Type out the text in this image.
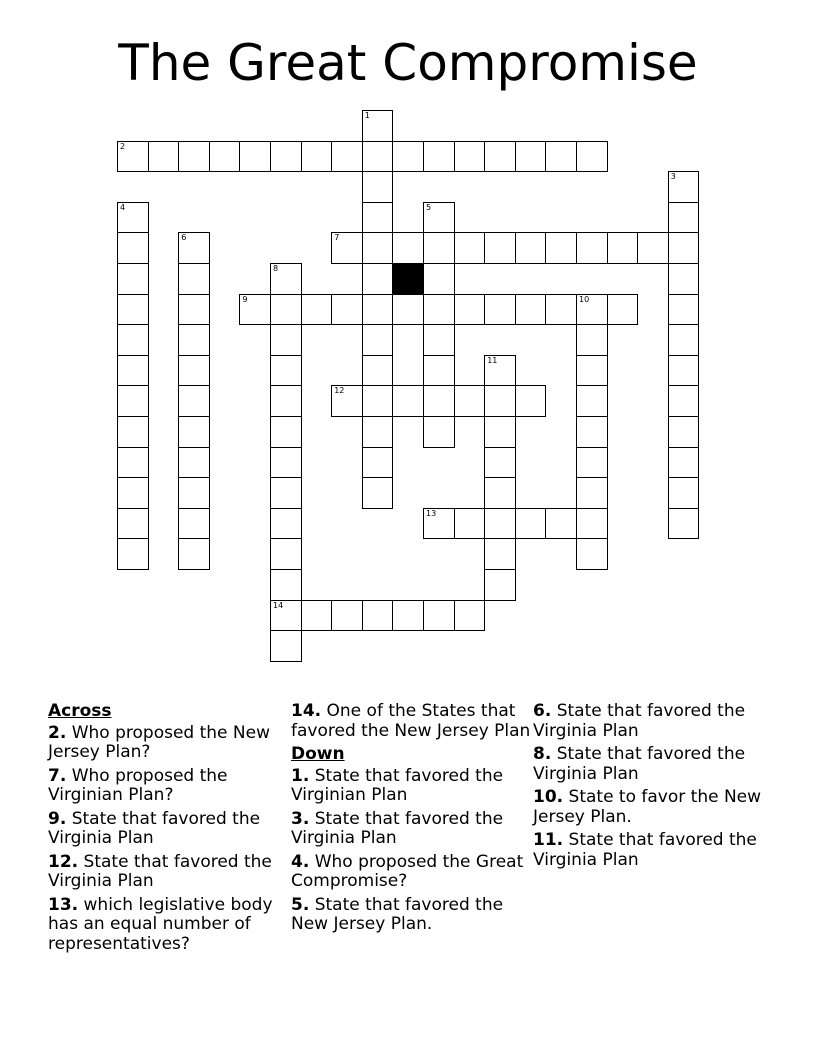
The Great Compromise
1
2
3
4	5
6	7
8
14
9	10
11
12
13
Across
2. Who proposed the New Jersey Plan?
7. Who proposed the Virginian Plan?
9. State that favored the Virginia Plan
12. State that favored the Virginia Plan
13. which legislative body has an equal number of representatives?
14. One of the States that favored the New Jersey Plan
Down
1. State that favored the Virginian Plan
3. State that favored the Virginia Plan
4. Who proposed the Great Compromise?
5. State that favored the New Jersey Plan.
6. State that favored the Virginia Plan
8. State that favored the Virginia Plan
10. State to favor the New Jersey Plan.
11. State that favored the Virginia Plan
